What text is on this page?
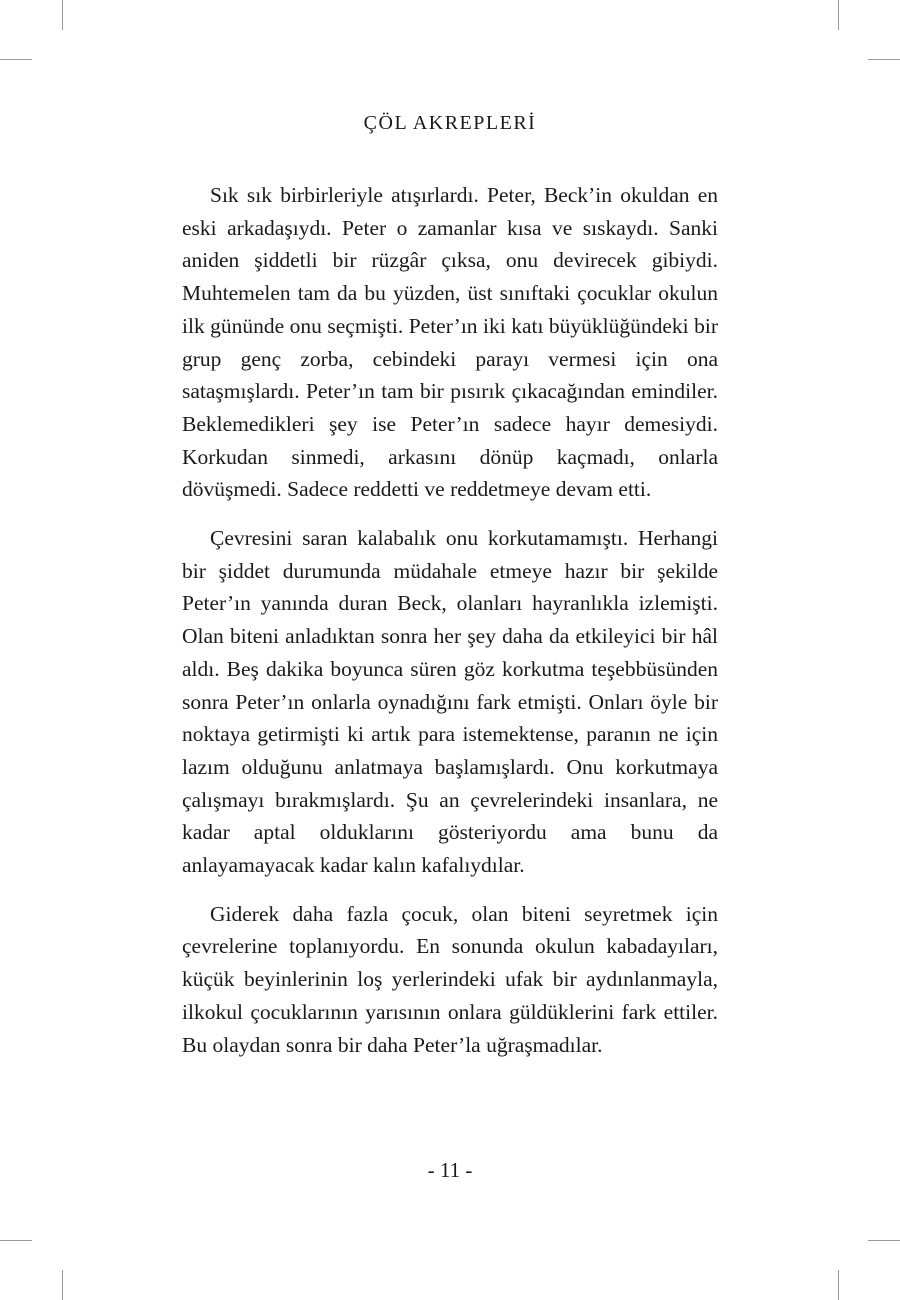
ÇÖL AKREPLERİ

Sık sık birbirleriyle atışırlardı. Peter, Beck’in okuldan en eski arkadaşıydı. Peter o zamanlar kısa ve sıskaydı. Sanki aniden şiddetli bir rüzgâr çıksa, onu devirecek gibiydi. Muhtemelen tam da bu yüzden, üst sınıftaki çocuklar okulun ilk gününde onu seçmişti. Peter’ın iki katı büyüklüğündeki bir grup genç zorba, cebindeki parayı vermesi için ona sataşmışlardı. Peter’ın tam bir pısırık çıkacağından emindiler. Beklemedikleri şey ise Peter’ın sadece hayır demesiydi. Korkudan sinmedi, arkasını dönüp kaçmadı, onlarla dövüşmedi. Sadece reddetti ve reddetmeye devam etti.

Çevresini saran kalabalık onu korkutamamıştı. Herhangi bir şiddet durumunda müdahale etmeye hazır bir şekilde Peter’ın yanında duran Beck, olanları hayranlıkla izlemişti. Olan biteni anladıktan sonra her şey daha da etkileyici bir hâl aldı. Beş dakika boyunca süren göz korkutma teşebbüsünden sonra Peter’ın onlarla oynadığını fark etmişti. Onları öyle bir noktaya getirmişti ki artık para istemektense, paranın ne için lazım olduğunu anlatmaya başlamışlardı. Onu korkutmaya çalışmayı bırakmışlardı. Şu an çevrelerindeki insanlara, ne kadar aptal olduklarını gösteriyordu ama bunu da anlayamayacak kadar kalın kafalıydılar.

Giderek daha fazla çocuk, olan biteni seyretmek için çevrelerine toplanıyordu. En sonunda okulun kabadayıları, küçük beyinlerinin loş yerlerindeki ufak bir aydınlanmayla, ilkokul çocuklarının yarısının onlara güldüklerini fark ettiler. Bu olaydan sonra bir daha Peter’la uğraşmadılar.

- 11 -
